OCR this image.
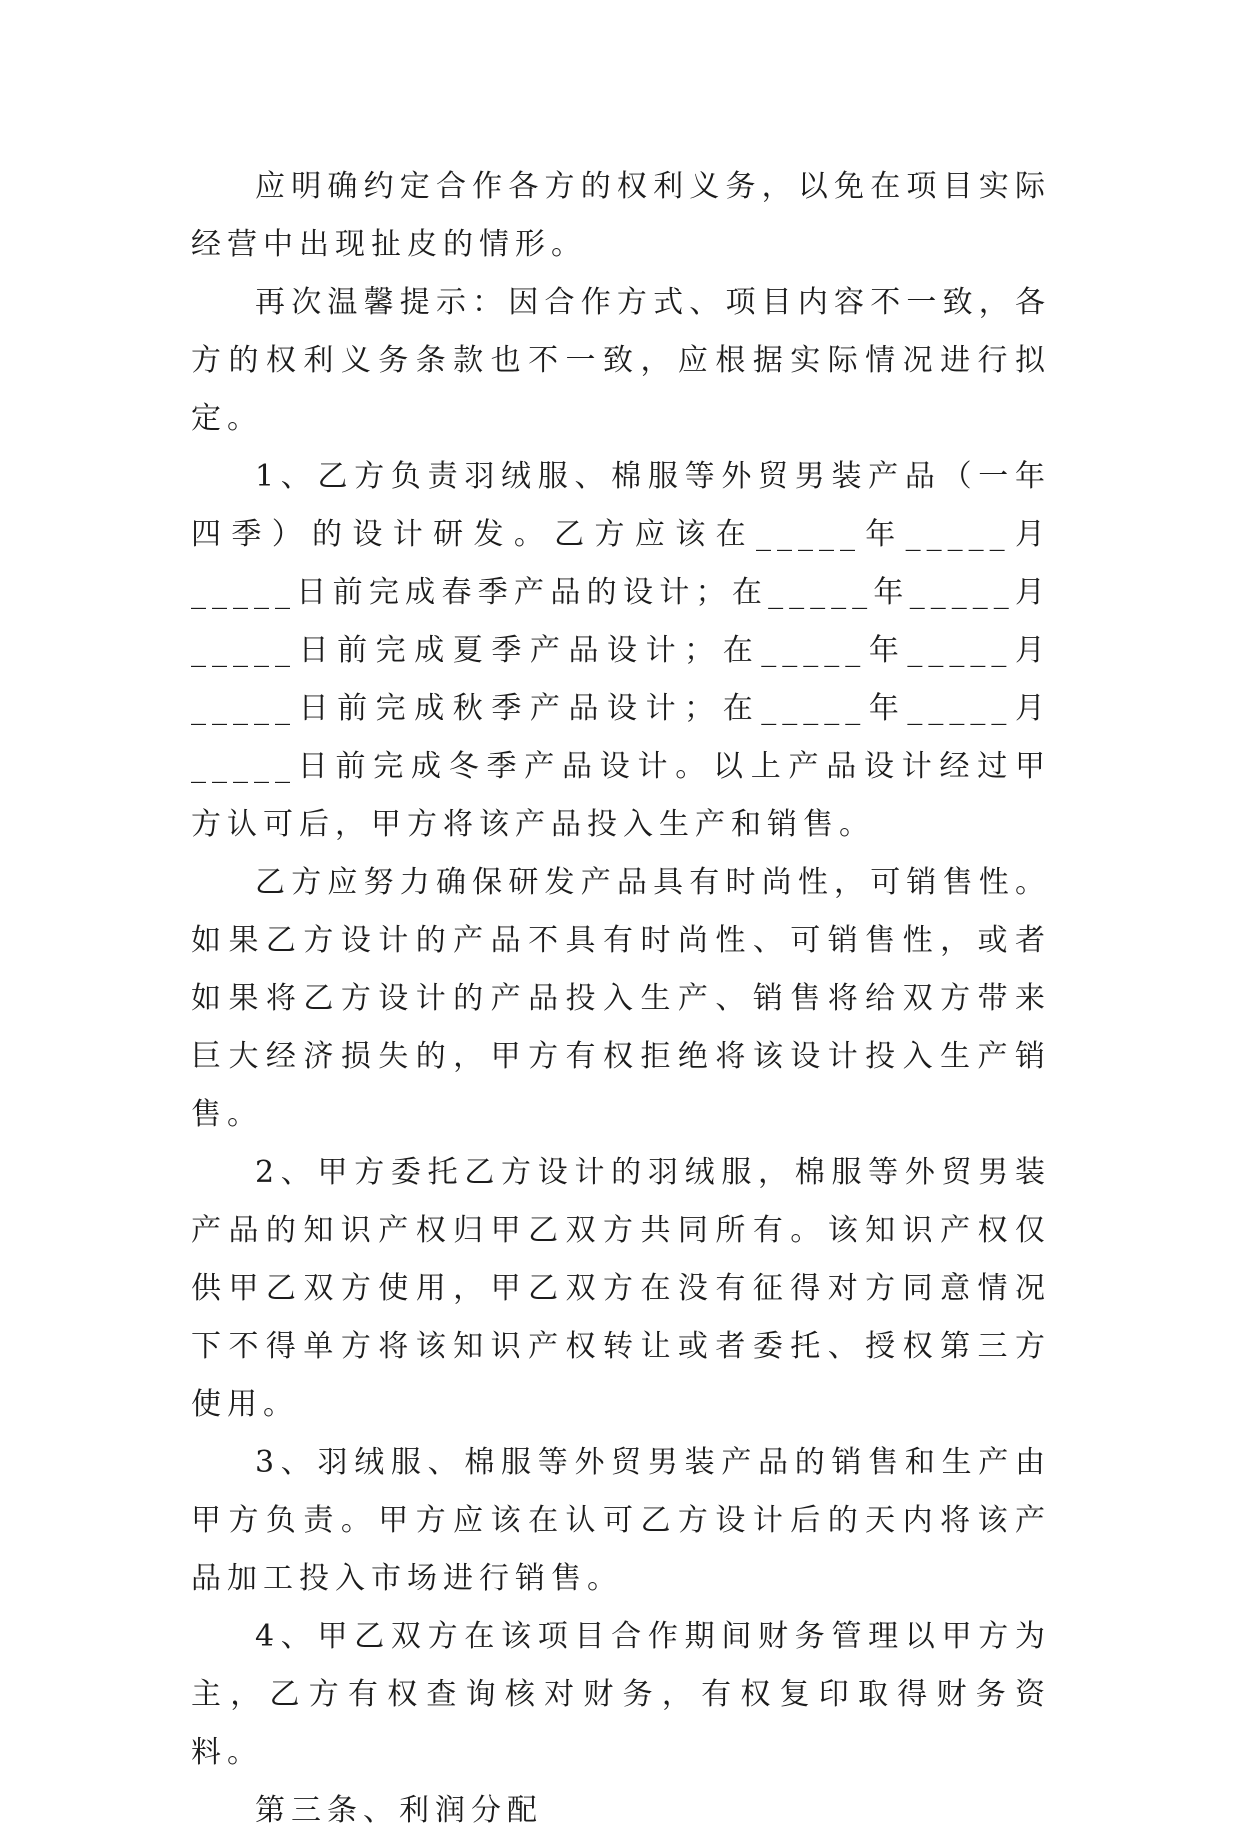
应明确约定合作各方的权利义务，以免在项目实际经营中出现扯皮的情形。

再次温馨提示：因合作方式、项目内容不一致，各方的权利义务条款也不一致，应根据实际情况进行拟定。

1、乙方负责羽绒服、棉服等外贸男装产品（一年四季）的设计研发。乙方应该在_____年_____月_____日前完成春季产品的设计；在_____年_____月_____日前完成夏季产品设计；在_____年_____月_____日前完成秋季产品设计；在_____年_____月_____日前完成冬季产品设计。以上产品设计经过甲方认可后，甲方将该产品投入生产和销售。

乙方应努力确保研发产品具有时尚性，可销售性。如果乙方设计的产品不具有时尚性、可销售性，或者如果将乙方设计的产品投入生产、销售将给双方带来巨大经济损失的，甲方有权拒绝将该设计投入生产销售。

2、甲方委托乙方设计的羽绒服，棉服等外贸男装产品的知识产权归甲乙双方共同所有。该知识产权仅供甲乙双方使用，甲乙双方在没有征得对方同意情况下不得单方将该知识产权转让或者委托、授权第三方使用。

3、羽绒服、棉服等外贸男装产品的销售和生产由甲方负责。甲方应该在认可乙方设计后的天内将该产品加工投入市场进行销售。

4、甲乙双方在该项目合作期间财务管理以甲方为主，乙方有权查询核对财务，有权复印取得财务资料。

第三条、利润分配
